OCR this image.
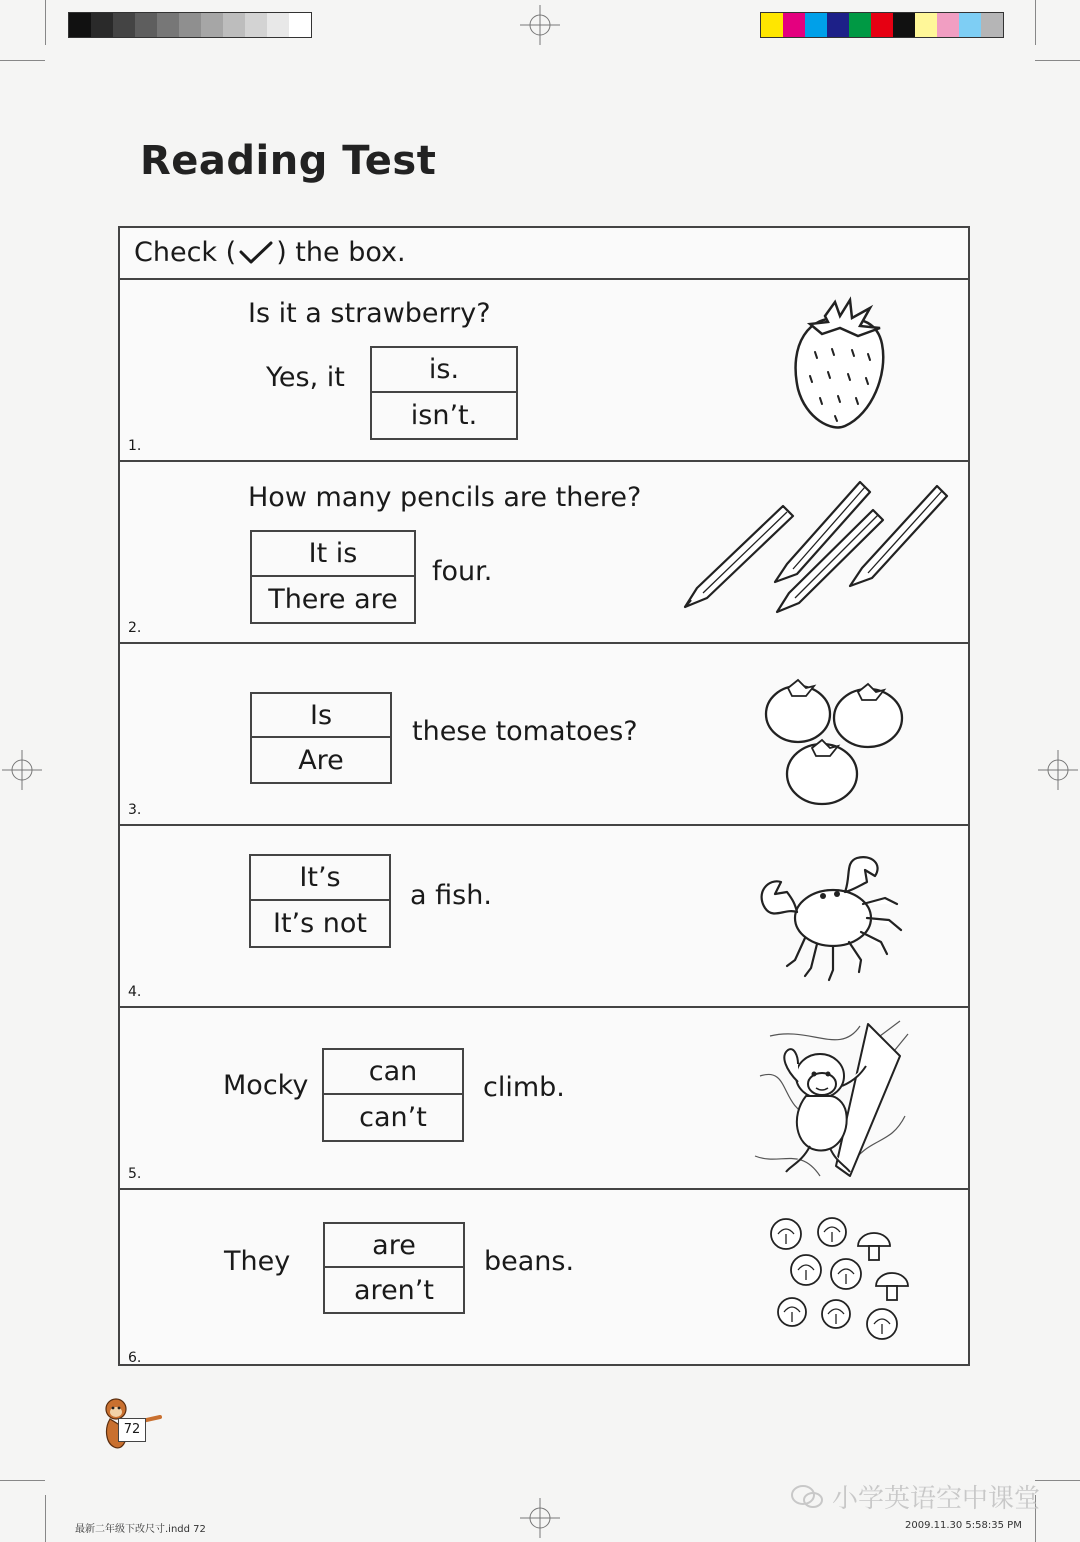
Reading Test
Check ( ) the box.
Is it a strawberry?
Yes, it	is.
isn’t.
1.
How many pencils are there?
It is
There are
four.
2.
Is
Are
these tomatoes?
3.
It’s
It’s not
a fish.
4.
Mocky	can
can’t
climb.
5.
They
are
aren’t
beans.
6.
72
小学英语空中课堂
最新二年级下改尺寸.indd 72	2009.11.30 5:58:35 PM
